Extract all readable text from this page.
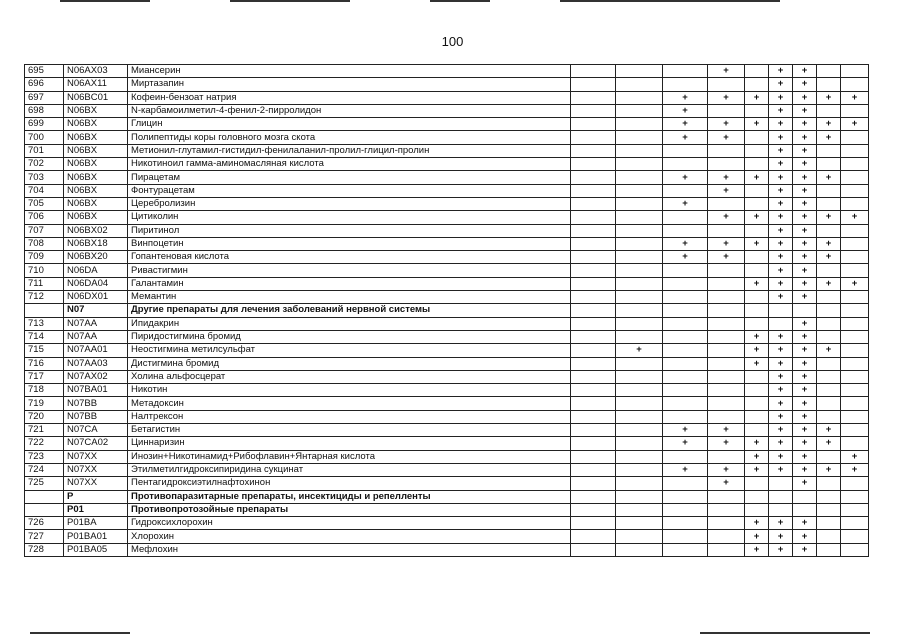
100
695	N06AX03	Миансерин				+		+	+		
696	N06AX11	Миртазапин						+	+		
697	N06BC01	Кофеин-бензоат натрия			+	+	+	+	+	+	+
698	N06BX	N-карбамоилметил-4-фенил-2-пирролидон			+			+	+		
699	N06BX	Глицин			+	+	+	+	+	+	+
700	N06BX	Полипептиды коры головного мозга скота			+	+		+	+	+	
701	N06BX	Метионил-глутамил-гистидил-фенилаланил-пролил-глицил-пролин						+	+		
702	N06BX	Никотиноил гамма-аминомасляная кислота						+	+		
703	N06BX	Пирацетам			+	+	+	+	+	+	
704	N06BX	Фонтурацетам				+		+	+		
705	N06BX	Церебролизин			+			+	+		
706	N06BX	Цитиколин				+	+	+	+	+	+
707	N06BX02	Пиритинол						+	+		
708	N06BX18	Винпоцетин			+	+	+	+	+	+	
709	N06BX20	Гопантеновая кислота			+	+		+	+	+	
710	N06DA	Ривастигмин						+	+		
711	N06DA04	Галантамин					+	+	+	+	+
712	N06DX01	Мемантин						+	+		
	N07	Другие препараты для лечения заболеваний нервной системы									
713	N07AA	Ипидакрин							+		
714	N07AA	Пиридостигмина бромид					+	+	+		
715	N07AA01	Неостигмина метилсульфат		+			+	+	+	+	
716	N07AA03	Дистигмина бромид					+	+	+		
717	N07AX02	Холина альфосцерат						+	+		
718	N07BA01	Никотин						+	+		
719	N07BB	Метадоксин						+	+		
720	N07BB	Налтрексон						+	+		
721	N07CA	Бетагистин			+	+		+	+	+	
722	N07CA02	Циннаризин			+	+	+	+	+	+	
723	N07XX	Инозин+Никотинамид+Рибофлавин+Янтарная кислота					+	+	+		+
724	N07XX	Этилметилгидроксипиридина сукцинат			+	+	+	+	+	+	+
725	N07XX	Пентагидроксиэтилнафтохинон				+			+		
	P	Противопаразитарные препараты, инсектициды и репелленты									
	P01	Противопротозойные препараты									
726	P01BA	Гидроксихлорохин					+	+	+		
727	P01BA01	Хлорохин					+	+	+		
728	P01BA05	Мефлохин					+	+	+		
